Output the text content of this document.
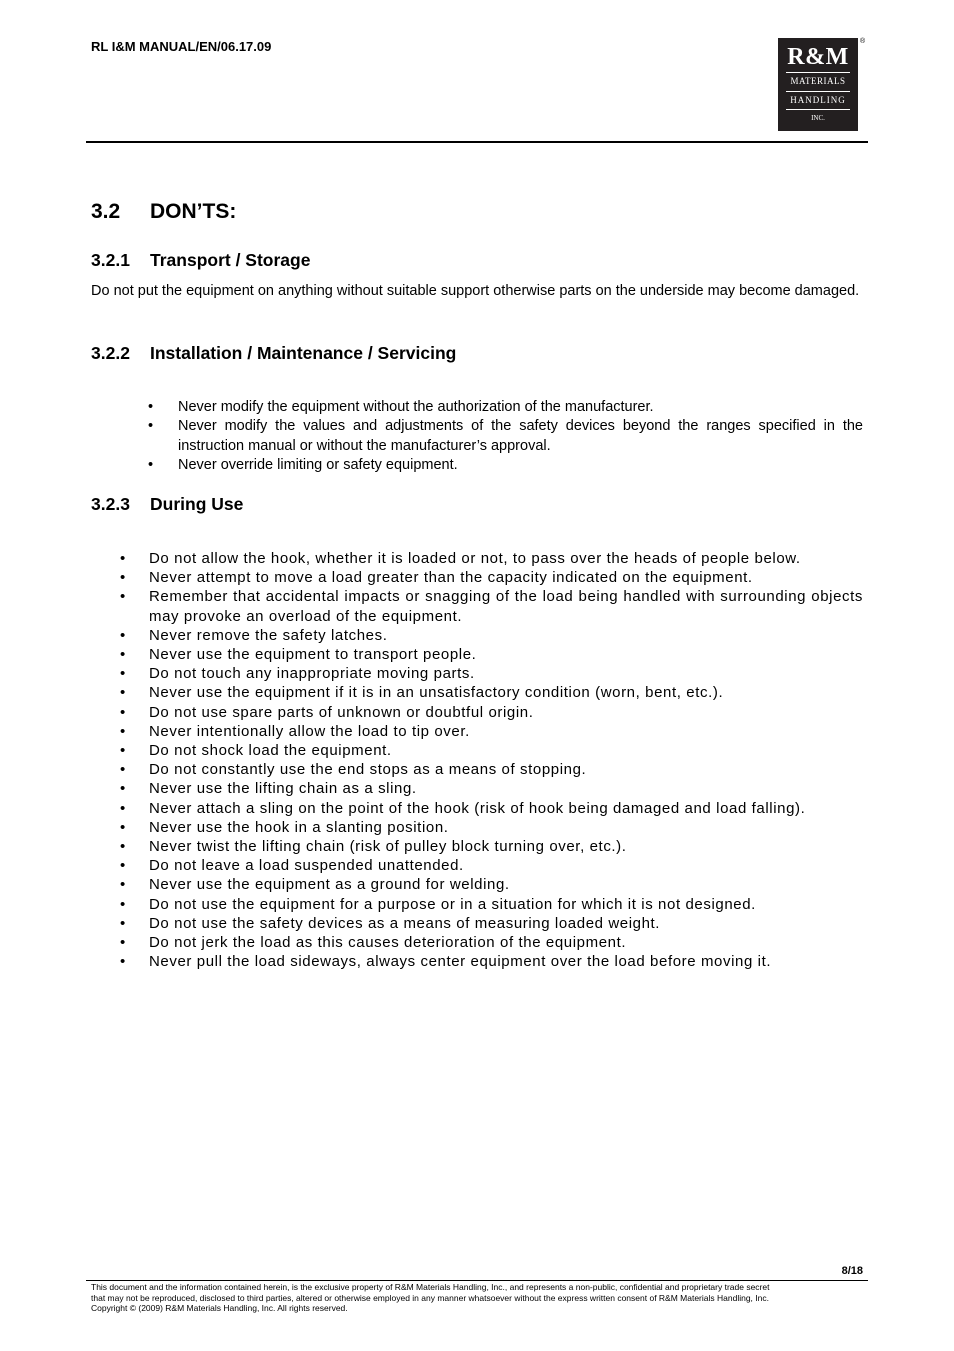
RL I&M MANUAL/EN/06.17.09	R&M
MATERIALS
HANDLING
INC.
®
3.2 DON’TS:
3.2.1 Transport / Storage
Do not put the equipment on anything without suitable support otherwise parts on the underside may become damaged.
3.2.2 Installation / Maintenance / Servicing
• Never modify the equipment without the authorization of the manufacturer.
• Never modify the values and adjustments of the safety devices beyond the ranges specified in the instruction manual or without the manufacturer’s approval.
• Never override limiting or safety equipment.
3.2.3 During Use
• Do not allow the hook, whether it is loaded or not, to pass over the heads of people below.
• Never attempt to move a load greater than the capacity indicated on the equipment.
• Remember that accidental impacts or snagging of the load being handled with surrounding objects may provoke an overload of the equipment.
• Never remove the safety latches.
• Never use the equipment to transport people.
• Do not touch any inappropriate moving parts.
• Never use the equipment if it is in an unsatisfactory condition (worn, bent, etc.).
• Do not use spare parts of unknown or doubtful origin.
• Never intentionally allow the load to tip over.
• Do not shock load the equipment.
• Do not constantly use the end stops as a means of stopping.
• Never use the lifting chain as a sling.
• Never attach a sling on the point of the hook (risk of hook being damaged and load falling).
• Never use the hook in a slanting position.
• Never twist the lifting chain (risk of pulley block turning over, etc.).
• Do not leave a load suspended unattended.
• Never use the equipment as a ground for welding.
• Do not use the equipment for a purpose or in a situation for which it is not designed.
• Do not use the safety devices as a means of measuring loaded weight.
• Do not jerk the load as this causes deterioration of the equipment.
• Never pull the load sideways, always center equipment over the load before moving it.
8/18
This document and the information contained herein, is the exclusive property of R&M Materials Handling, Inc., and represents a non-public, confidential and proprietary trade secret
that may not be reproduced, disclosed to third parties, altered or otherwise employed in any manner whatsoever without the express written consent of R&M Materials Handling, Inc.
Copyright © (2009) R&M Materials Handling, Inc. All rights reserved.
